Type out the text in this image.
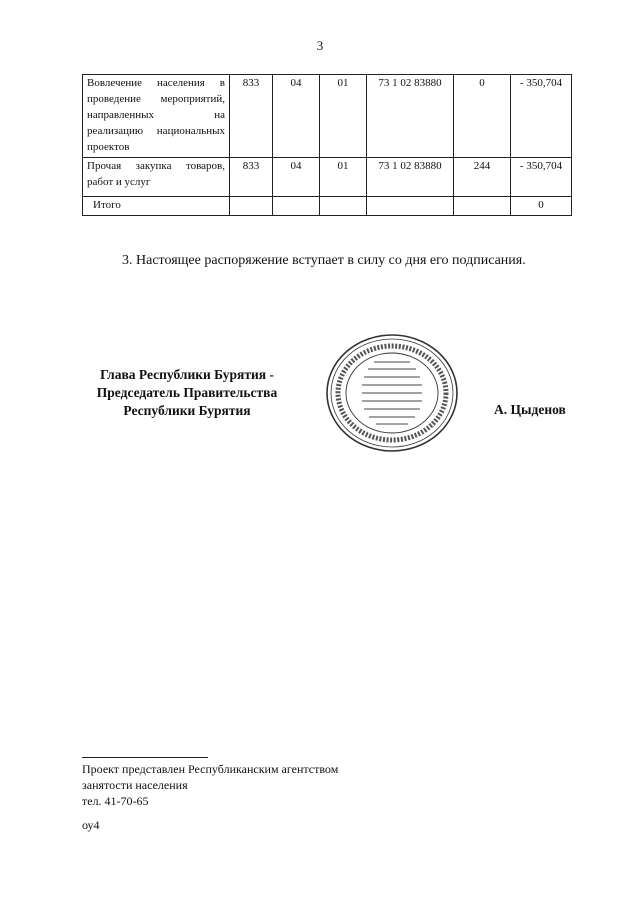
3
Вовлечение населения в проведение мероприятий, направленных на реализацию национальных проектов	833	04	01	73 1 02 83880	0	- 350,704
Прочая закупка товаров, работ и услуг	833	04	01	73 1 02 83880	244	- 350,704
Итого						0
3. Настоящее распоряжение вступает в силу со дня его подписания.
Глава Республики Бурятия -
Председатель Правительства
Республики Бурятия	А. Цыденов
Проект представлен Республиканским агентством
занятости населения
тел. 41-70-65
оу4
